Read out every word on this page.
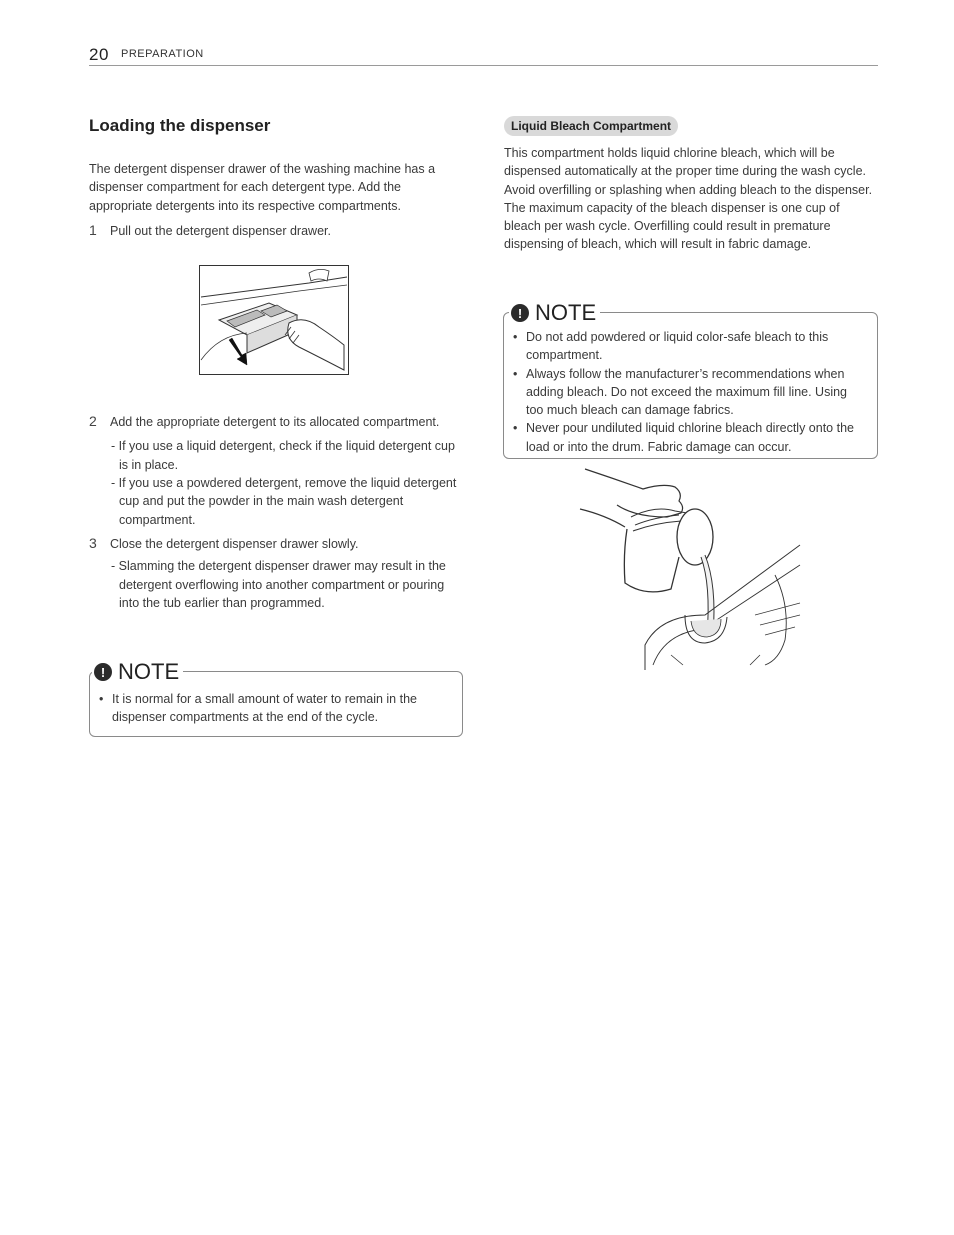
20 PREPARATION
Loading the dispenser

The detergent dispenser drawer of the washing machine has a dispenser compartment for each detergent type. Add the appropriate detergents into its respective compartments.

1 Pull out the detergent dispenser drawer.
2 Add the appropriate detergent to its allocated compartment.

- If you use a liquid detergent, check if the liquid detergent cup is in place.

- If you use a powdered detergent, remove the liquid detergent cup and put the powder in the main wash detergent compartment.

3 Close the detergent dispenser drawer slowly.

- Slamming the detergent dispenser drawer may result in the detergent overflowing into another compartment or pouring into the tub earlier than programmed.

! NOTE
• It is normal for a small amount of water to remain in the dispenser compartments at the end of the cycle.
Liquid Bleach Compartment

This compartment holds liquid chlorine bleach, which will be dispensed automatically at the proper time during the wash cycle. Avoid overfilling or splashing when adding bleach to the dispenser. The maximum capacity of the bleach dispenser is one cup of bleach per wash cycle. Overfilling could result in premature dispensing of bleach, which will result in fabric damage.

! NOTE
• Do not add powdered or liquid color-safe bleach to this compartment.
• Always follow the manufacturer’s recommendations when adding bleach. Do not exceed the maximum fill line. Using too much bleach can damage fabrics.
• Never pour undiluted liquid chlorine bleach directly onto the load or into the drum. Fabric damage can occur.
